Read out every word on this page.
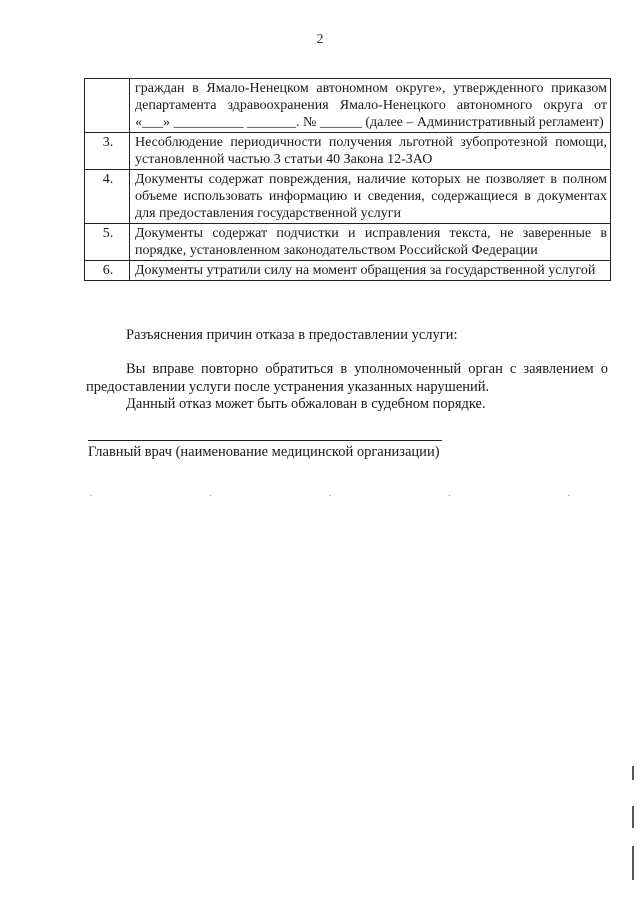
2
	граждан в Ямало-Ненецком автономном округе», утвержденного приказом департамента здравоохранения Ямало-Ненецкого автономного округа от «___» __________ _______. № ______ (далее – Административный регламент)
3.	Несоблюдение периодичности получения льготной зубопротезной помощи, установленной частью 3 статьи 40 Закона 12-ЗАО
4.	Документы содержат повреждения, наличие которых не позволяет в полном объеме использовать информацию и сведения, содержащиеся в документах для предоставления государственной услуги
5.	Документы содержат подчистки и исправления текста, не заверенные в порядке, установленном законодательством Российской Федерации
6.	Документы утратили силу на момент обращения за государственной услугой
Разъяснения причин отказа в предоставлении услуги:
Вы вправе повторно обратиться в уполномоченный орган с заявлением о предоставлении услуги после устранения указанных нарушений.
Данный отказ может быть обжалован в судебном порядке.
Главный врач (наименование медицинской организации)
.	.	.	.	.
